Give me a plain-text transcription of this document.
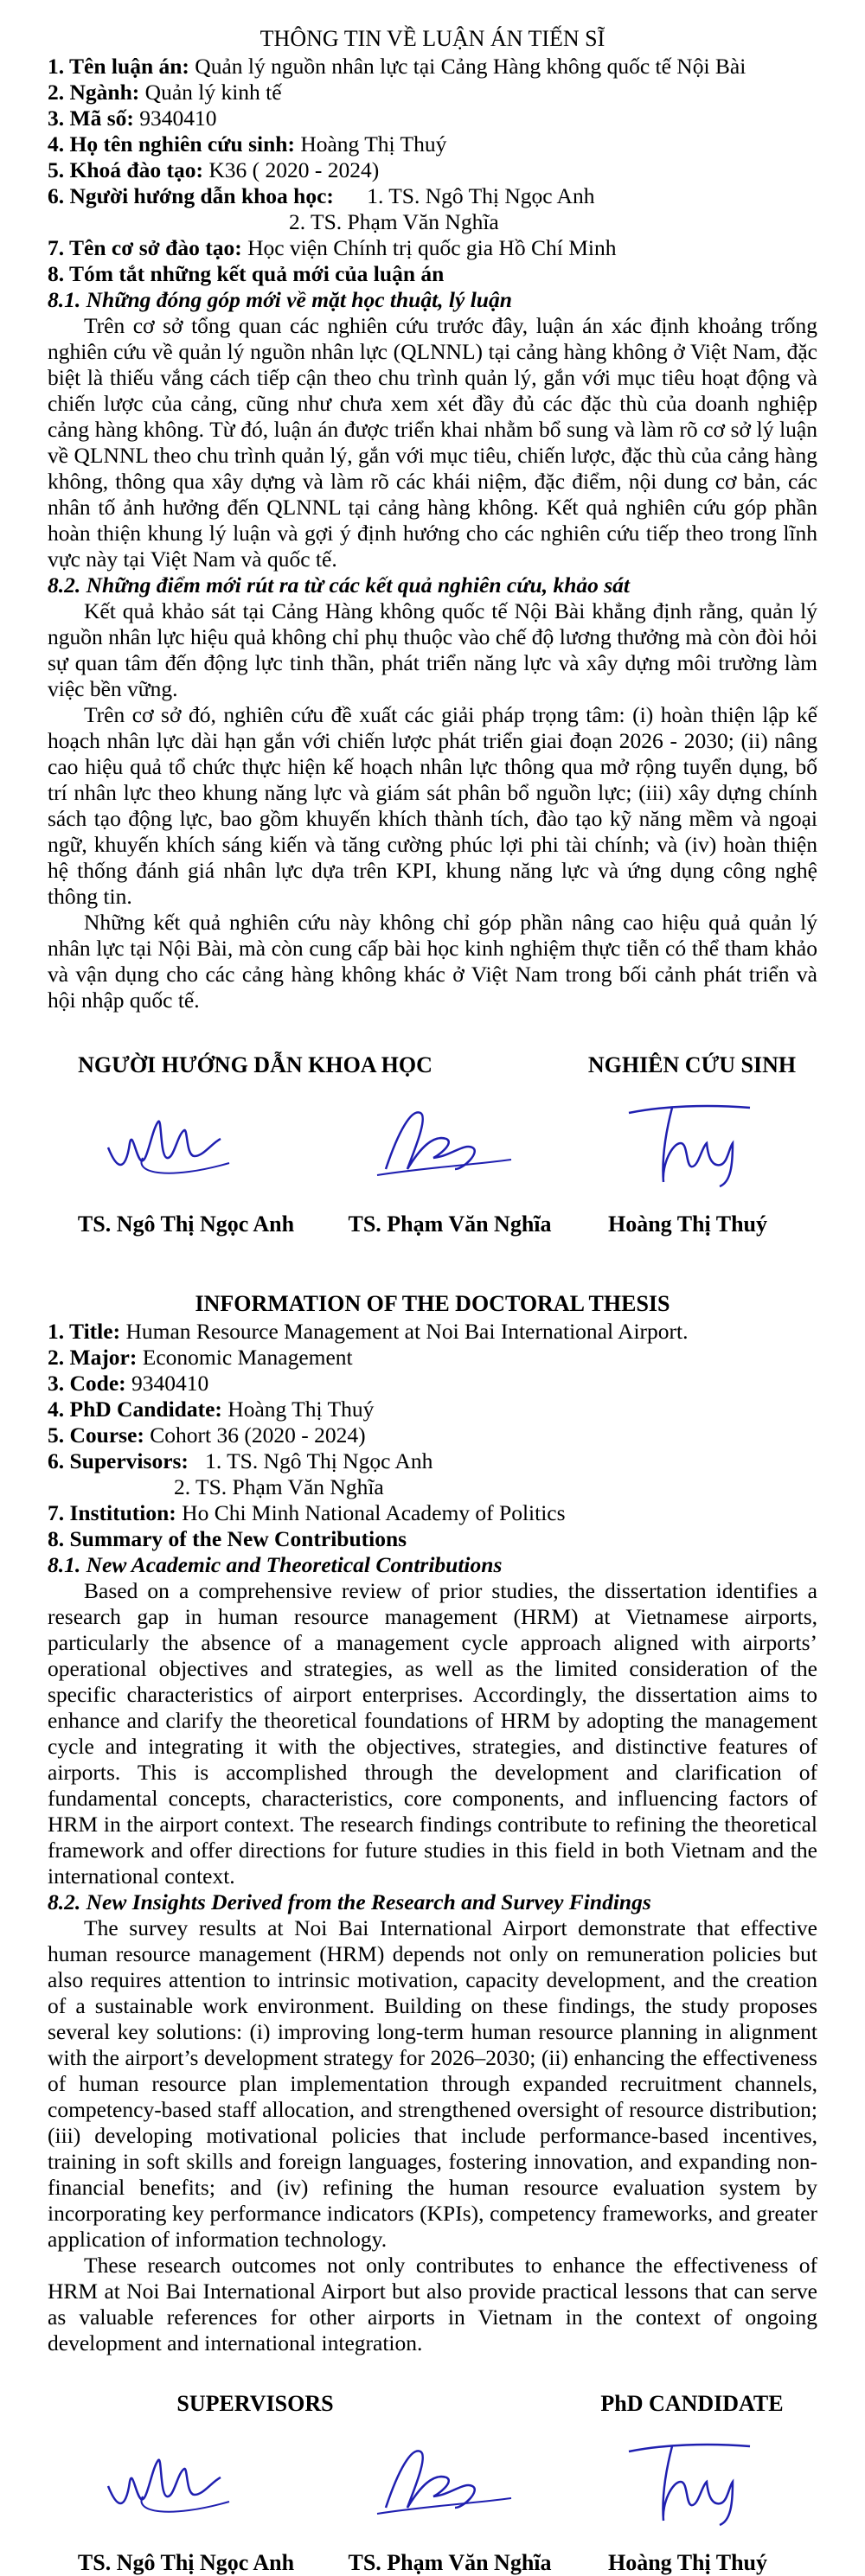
THÔNG TIN VỀ LUẬN ÁN TIẾN SĨ

1. Tên luận án: Quản lý nguồn nhân lực tại Cảng Hàng không quốc tế Nội Bài

2. Ngành: Quản lý kinh tế

3. Mã số: 9340410

4. Họ tên nghiên cứu sinh: Hoàng Thị Thuý

5. Khoá đào tạo: K36 ( 2020 - 2024)

6. Người hướng dẫn khoa học:      1. TS. Ngô Thị Ngọc Anh

2. TS. Phạm Văn Nghĩa

7. Tên cơ sở đào tạo: Học viện Chính trị quốc gia Hồ Chí Minh

8. Tóm tắt những kết quả mới của luận án

8.1. Những đóng góp mới về mặt học thuật, lý luận

Trên cơ sở tổng quan các nghiên cứu trước đây, luận án xác định khoảng trống nghiên cứu về quản lý nguồn nhân lực (QLNNL) tại cảng hàng không ở Việt Nam, đặc biệt là thiếu vắng cách tiếp cận theo chu trình quản lý, gắn với mục tiêu hoạt động và chiến lược của cảng, cũng như chưa xem xét đầy đủ các đặc thù của doanh nghiệp cảng hàng không. Từ đó, luận án được triển khai nhằm bổ sung và làm rõ cơ sở lý luận về QLNNL theo chu trình quản lý, gắn với mục tiêu, chiến lược, đặc thù của cảng hàng không, thông qua xây dựng và làm rõ các khái niệm, đặc điểm, nội dung cơ bản, các nhân tố ảnh hưởng đến QLNNL tại cảng hàng không. Kết quả nghiên cứu góp phần hoàn thiện khung lý luận và gợi ý định hướng cho các nghiên cứu tiếp theo trong lĩnh vực này tại Việt Nam và quốc tế.

8.2. Những điểm mới rút ra từ các kết quả nghiên cứu, khảo sát

Kết quả khảo sát tại Cảng Hàng không quốc tế Nội Bài khẳng định rằng, quản lý nguồn nhân lực hiệu quả không chỉ phụ thuộc vào chế độ lương thưởng mà còn đòi hỏi sự quan tâm đến động lực tinh thần, phát triển năng lực và xây dựng môi trường làm việc bền vững.

Trên cơ sở đó, nghiên cứu đề xuất các giải pháp trọng tâm: (i) hoàn thiện lập kế hoạch nhân lực dài hạn gắn với chiến lược phát triển giai đoạn 2026 - 2030; (ii) nâng cao hiệu quả tổ chức thực hiện kế hoạch nhân lực thông qua mở rộng tuyển dụng, bố trí nhân lực theo khung năng lực và giám sát phân bổ nguồn lực; (iii) xây dựng chính sách tạo động lực, bao gồm khuyến khích thành tích, đào tạo kỹ năng mềm và ngoại ngữ, khuyến khích sáng kiến và tăng cường phúc lợi phi tài chính; và (iv) hoàn thiện hệ thống đánh giá nhân lực dựa trên KPI, khung năng lực và ứng dụng công nghệ thông tin.

Những kết quả nghiên cứu này không chỉ góp phần nâng cao hiệu quả quản lý nhân lực tại Nội Bài, mà còn cung cấp bài học kinh nghiệm thực tiễn có thể tham khảo và vận dụng cho các cảng hàng không khác ở Việt Nam trong bối cảnh phát triển và hội nhập quốc tế.

NGƯỜI HƯỚNG DẪN KHOA HỌC	NGHIÊN CỨU SINH
TS. Ngô Thị Ngọc Anh	TS. Phạm Văn Nghĩa	Hoàng Thị Thuý

INFORMATION OF THE DOCTORAL THESIS

1. Title: Human Resource Management at Noi Bai International Airport.

2. Major: Economic Management

3. Code: 9340410

4. PhD Candidate: Hoàng Thị Thuý

5. Course: Cohort 36 (2020 - 2024)

6. Supervisors:   1. TS. Ngô Thị Ngọc Anh

2. TS. Phạm Văn Nghĩa

7. Institution: Ho Chi Minh National Academy of Politics

8. Summary of the New Contributions

8.1. New Academic and Theoretical Contributions

Based on a comprehensive review of prior studies, the dissertation identifies a research gap in human resource management (HRM) at Vietnamese airports, particularly the absence of a management cycle approach aligned with airports’ operational objectives and strategies, as well as the limited consideration of the specific characteristics of airport enterprises. Accordingly, the dissertation aims to enhance and clarify the theoretical foundations of HRM by adopting the management cycle and integrating it with the objectives, strategies, and distinctive features of airports. This is accomplished through the development and clarification of fundamental concepts, characteristics, core components, and influencing factors of HRM in the airport context. The research findings contribute to refining the theoretical framework and offer directions for future studies in this field in both Vietnam and the international context.

8.2. New Insights Derived from the Research and Survey Findings

The survey results at Noi Bai International Airport demonstrate that effective human resource management (HRM) depends not only on remuneration policies but also requires attention to intrinsic motivation, capacity development, and the creation of a sustainable work environment. Building on these findings, the study proposes several key solutions: (i) improving long-term human resource planning in alignment with the airport’s development strategy for 2026–2030; (ii) enhancing the effectiveness of human resource plan implementation through expanded recruitment channels, competency-based staff allocation, and strengthened oversight of resource distribution; (iii) developing motivational policies that include performance-based incentives, training in soft skills and foreign languages, fostering innovation, and expanding non-financial benefits; and (iv) refining the human resource evaluation system by incorporating key performance indicators (KPIs), competency frameworks, and greater application of information technology.

These research outcomes not only contributes to enhance the effectiveness of HRM at Noi Bai International Airport but also provide practical lessons that can serve as valuable references for other airports in Vietnam in the context of ongoing development and international integration.

SUPERVISORS	PhD CANDIDATE
TS. Ngô Thị Ngọc Anh	TS. Phạm Văn Nghĩa	Hoàng Thị Thuý
